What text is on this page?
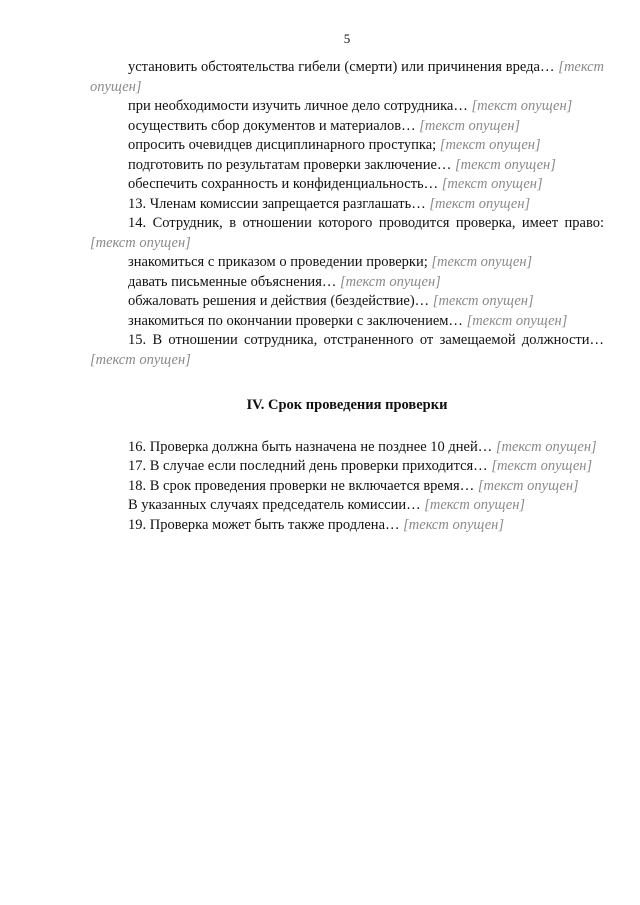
5

установить обстоятельства гибели (смерти) или причинения вреда… [текст опущен]

при необходимости изучить личное дело сотрудника… [текст опущен]

осуществить сбор документов и материалов… [текст опущен]

опросить очевидцев дисциплинарного проступка; [текст опущен]

подготовить по результатам проверки заключение… [текст опущен]

обеспечить сохранность и конфиденциальность… [текст опущен]

13. Членам комиссии запрещается разглашать… [текст опущен]

14. Сотрудник, в отношении которого проводится проверка, имеет право: [текст опущен]

знакомиться с приказом о проведении проверки; [текст опущен]

давать письменные объяснения… [текст опущен]

обжаловать решения и действия (бездействие)… [текст опущен]

знакомиться по окончании проверки с заключением… [текст опущен]

15. В отношении сотрудника, отстраненного от замещаемой должности… [текст опущен]

IV. Срок проведения проверки

16. Проверка должна быть назначена не позднее 10 дней… [текст опущен]

17. В случае если последний день проверки приходится… [текст опущен]

18. В срок проведения проверки не включается время… [текст опущен]

В указанных случаях председатель комиссии… [текст опущен]

19. Проверка может быть также продлена… [текст опущен]
